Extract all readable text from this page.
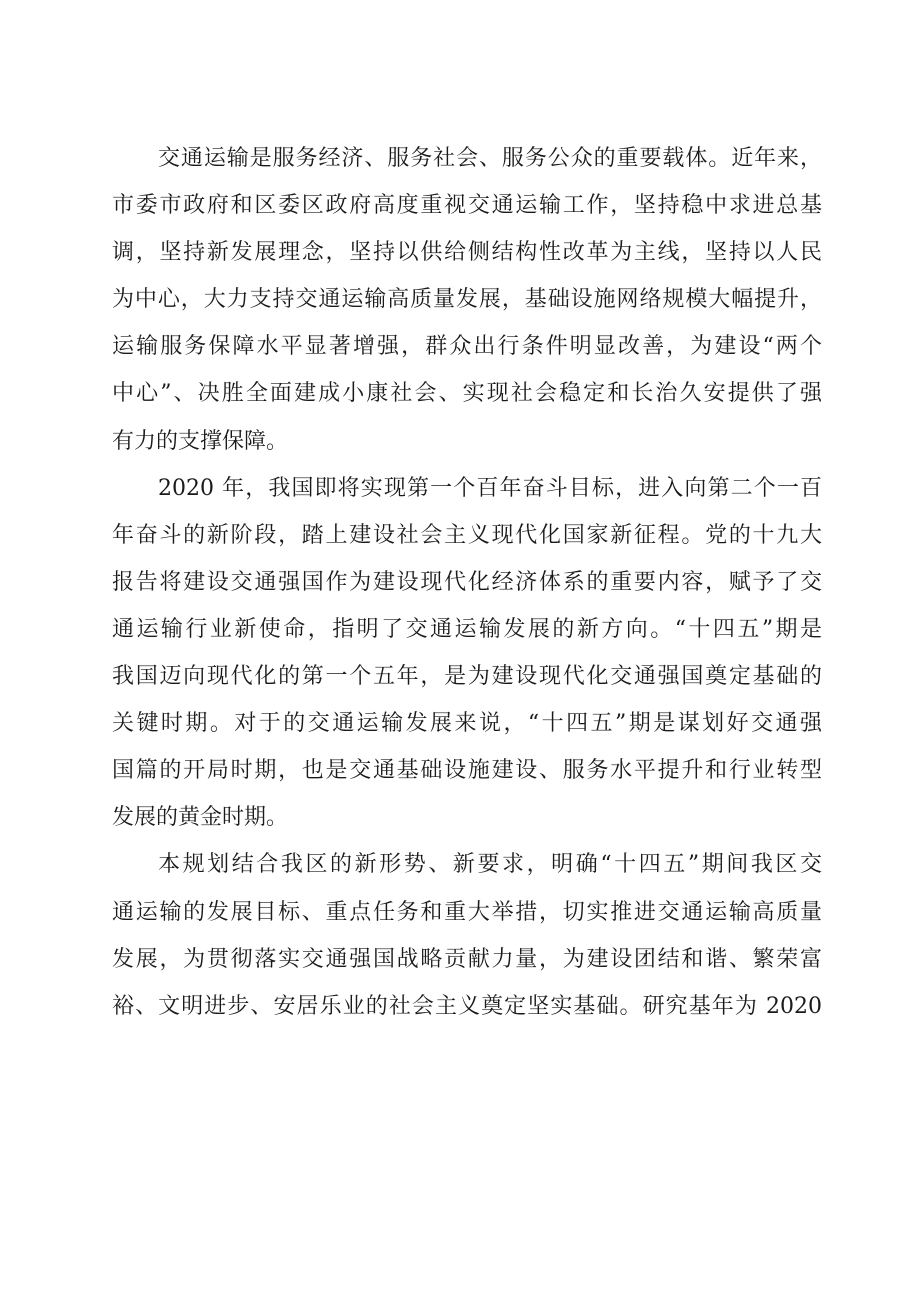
交通运输是服务经济、服务社会、服务公众的重要载体。近年来，
市委市政府和区委区政府高度重视交通运输工作，坚持稳中求进总基
调，坚持新发展理念，坚持以供给侧结构性改革为主线，坚持以人民
为中心，大力支持交通运输高质量发展，基础设施网络规模大幅提升，
运输服务保障水平显著增强，群众出行条件明显改善，为建设“两个
中心”、决胜全面建成小康社会、实现社会稳定和长治久安提供了强
有力的支撑保障。
2020 年，我国即将实现第一个百年奋斗目标，进入向第二个一百
年奋斗的新阶段，踏上建设社会主义现代化国家新征程。党的十九大
报告将建设交通强国作为建设现代化经济体系的重要内容，赋予了交
通运输行业新使命，指明了交通运输发展的新方向。“十四五”期是
我国迈向现代化的第一个五年，是为建设现代化交通强国奠定基础的
关键时期。对于的交通运输发展来说，“十四五”期是谋划好交通强
国篇的开局时期，也是交通基础设施建设、服务水平提升和行业转型
发展的黄金时期。
本规划结合我区的新形势、新要求，明确“十四五”期间我区交
通运输的发展目标、重点任务和重大举措，切实推进交通运输高质量
发展，为贯彻落实交通强国战略贡献力量，为建设团结和谐、繁荣富
裕、文明进步、安居乐业的社会主义奠定坚实基础。研究基年为 2020
